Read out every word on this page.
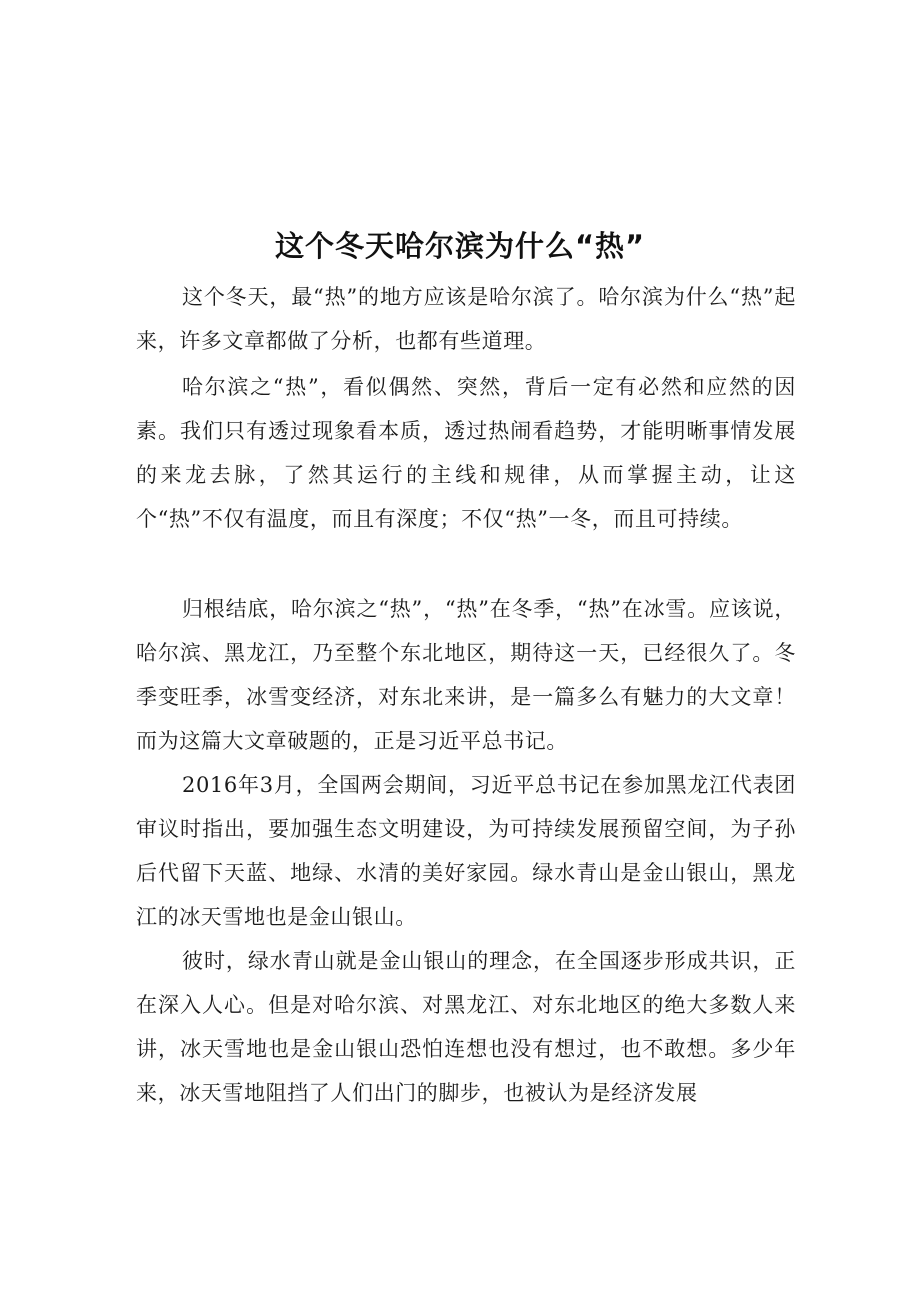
这个冬天哈尔滨为什么“热”

这个冬天，最“热”的地方应该是哈尔滨了。哈尔滨为什么“热”起来，许多文章都做了分析，也都有些道理。

哈尔滨之“热”，看似偶然、突然，背后一定有必然和应然的因素。我们只有透过现象看本质，透过热闹看趋势，才能明晰事情发展的来龙去脉，了然其运行的主线和规律，从而掌握主动，让这个“热”不仅有温度，而且有深度；不仅“热”一冬，而且可持续。

归根结底，哈尔滨之“热”，“热”在冬季，“热”在冰雪。应该说，哈尔滨、黑龙江，乃至整个东北地区，期待这一天，已经很久了。冬季变旺季，冰雪变经济，对东北来讲，是一篇多么有魅力的大文章！而为这篇大文章破题的，正是习近平总书记。

2016年3月，全国两会期间，习近平总书记在参加黑龙江代表团审议时指出，要加强生态文明建设，为可持续发展预留空间，为子孙后代留下天蓝、地绿、水清的美好家园。绿水青山是金山银山，黑龙江的冰天雪地也是金山银山。

彼时，绿水青山就是金山银山的理念，在全国逐步形成共识，正在深入人心。但是对哈尔滨、对黑龙江、对东北地区的绝大多数人来讲，冰天雪地也是金山银山恐怕连想也没有想过，也不敢想。多少年来，冰天雪地阻挡了人们出门的脚步，也被认为是经济发展
